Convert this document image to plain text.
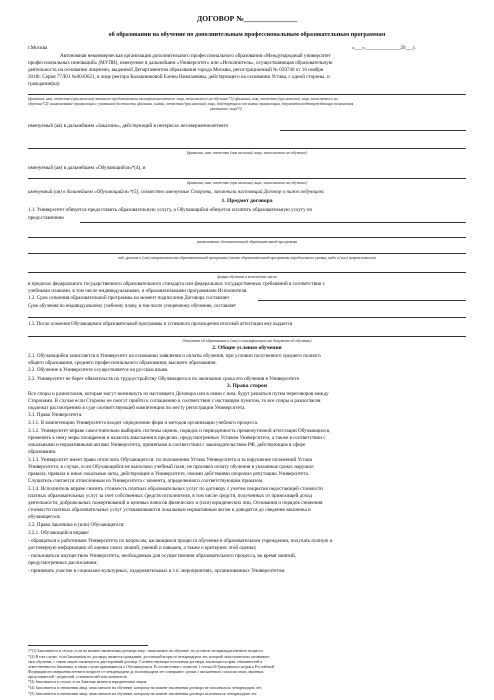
ДОГОВОР №______________
об образовании на обучение по дополнительным профессиональным образовательным программам
г.Москва	«___»______________20___г.
Автономная некоммерческая организация дополнительного профессионального образования «Международный университет
профессиональных инноваций» (МУПИ), именуемое в дальнейшем «Университет» или «Исполнитель», осуществляющая образовательную
деятельность на основании лицензии, выданной Департаментом образования города Москвы, регистрационный № 039740 от 16 ноября
2018г. Серия 77Л01 №0010621, в лице ректора Калашниковой Елены Николаевны, действующего на основании Устава, с одной стороны, и
гражданин(ка)
(фамилия, имя, отчество (при наличии) законного представителя несовершеннолетнего лица, зачисляемого на обучение*1)/ фамилия, имя, отчество (при наличии) лица, зачисляемого на
обучение*2)/ наименование организации с указанием должности, фамилии, имени, отчества (при наличии) лица, действующего от имени организации, документов подтверждающих полномочия
указанного лица*3)
именуемый (ая) в дальнейшем «Заказчик», действующий в интересах несовершеннолетнего
(фамилия, имя, отчество (при наличии) лица, зачисляемого на обучение)
именуемый (ая) в дальнейшем «Обучающийся»*(4), и
(фамилия, имя, отчество (при наличии) лица, зачисляемого на обучение)
именуемый (ая) в дальнейшем «Обучающийся»*(5), совместно именуемые Стороны, заключили настоящий Договор о нижеследующем:
1. Предмет договора
1.1. Университет обязуется предоставить образовательную услугу, а Обучающийся обязуется оплатить образовательную услугу по
предоставлению
наименование дополнительной образовательной программы
вид, уровень и (или) направленность образовательной программы (часть образовательной программы определенного уровня, вида и (или) направленности
форма обучения и количество часов
в пределах федерального государственного образовательного стандарта или федеральных государственных требований в соответствии с
учебными планами, в том числе индивидуальными, и образовательными программами Исполнителя.
1.2. Срок освоения образовательной программы на момент подписания Договора составляет
Срок обучения по индивидуальному учебному плану, в том числе ускоренному обучению, составляет
1.3. После освоения Обучающимся образовательной программы и успешного прохождения итоговой аттестации ему выдается
(документ об образовании и (или) о квалификации или документ об обучении)
2. Общие условия обучения
2.1. Обучающийся зачисляется в Университет на основании заявления и оплаты обучения, при условии полученного среднего полного
общего образования, среднего профессионального образования, высшего образования.
2.2. Обучение в Университете осуществляется на русском языке.
2.3. Университет не берет обязательств по трудоустройству Обучающегося по окончании срока его обучения в Университете.
3. Права сторон
Все споры и разногласия, которые могут возникнуть из настоящего Договора или в связи с ним, будут решаться путем переговоров между
Сторонами. В случае если Стороны не смогут прийти к соглашению в соответствии с настоящим пунктом, то все споры и разногласия
подлежат рассмотрению в суде соответствующей компетенции по месту регистрации Университета.
3.1. Права Университета:
3.1.1. В компетенцию Университета входит определение форм и методов организации учебного процесса.
3.1.2. Университет вправе самостоятельно выбирать системы оценок, порядок и периодичность промежуточной аттестации Обучающихся,
применять к нему меры поощрения и налагать взыскания в пределах, предусмотренных Уставом Университета, а также в соответствии с
локальными и нормативными актами Университета, принятыми в соответствии с законодательством РФ, действующим в сфере
образования.
3.1.3. Университет имеет право отчислить Обучающегося: по положениям Устава Университета и за нарушение положений Устава
Университета; в случае, если Обучающийся не выполнил учебный план; не произвел оплату обучения в указанные сроки; нарушил
правила, правила и иные локальные акты, действующие в Университете, своими действиями опорочил репутацию Университета.
Слушатель считается отчисленным из Университета с момента, определенного соответствующим приказом.
3.1.4. Исполнитель вправе снизить стоимость платных образовательных услуг по договору с учетом покрытия недостающей стоимости
платных образовательных услуг за счет собственных средств исполнителя, в том числе средств, полученных от приносящей доход
деятельности, добровольных пожертвований и целевых взносов физических и (или) юридических лиц. Основания и порядок снижения
стоимости платных образовательных услуг устанавливаются локальным нормативным актом и доводятся до сведения заказчика и
обучающегося.
3.2. Права Заказчика и (или) Обучающегося:
3.2.1. Обучающийся вправе:
- обращаться к работникам Университета по вопросам, касающимся процесса обучения в образовательном учреждении, получать полную и
достоверную информацию об оценке своих знаний, умений и навыков, а также о критериях этой оценки;
- пользоваться имуществом Университета, необходимым для осуществления образовательного процесса, во время занятий,
предусмотренных расписанием;
- принимать участие в социально-культурных, оздоровительных и т.п. мероприятиях, организованных Университетом.
1*(1) Заполняется в случае, если на момент заключения договора лицо, зачисляемое на обучение, не достигло четырнадцатилетнего возраста.
*(2) В том случае, если Заказчиком по договору является гражданин, достигший возраста четырнадцати лет, который самостоятельно оплачивает
свое обучение, с таким лицом заключается двусторонний договор. Соответствующие положения договора, касающиеся прав, обязанностей и
ответственности Заказчика, в таком случае применяются к Обучающемуся. В соответствии с пунктом 1 статьи 26 Гражданского кодекса Российской
Федерации несовершеннолетние в возрасте от четырнадцати до восемнадцати лет совершают сделки с письменного согласия своих законных
представителей - родителей, усыновителей или попечителя.
*(3) Заполняется в случае, если Заказчик является юридическим лицом.
*(4) Заполняется в отношении лица, зачисляемого на обучение, которому на момент заключения договора не исполнилось четырнадцать лет.
*(5) Заполняется в отношении лица, зачисляемого на обучение, которому на момент заключения договора исполнилось четырнадцать лет.
